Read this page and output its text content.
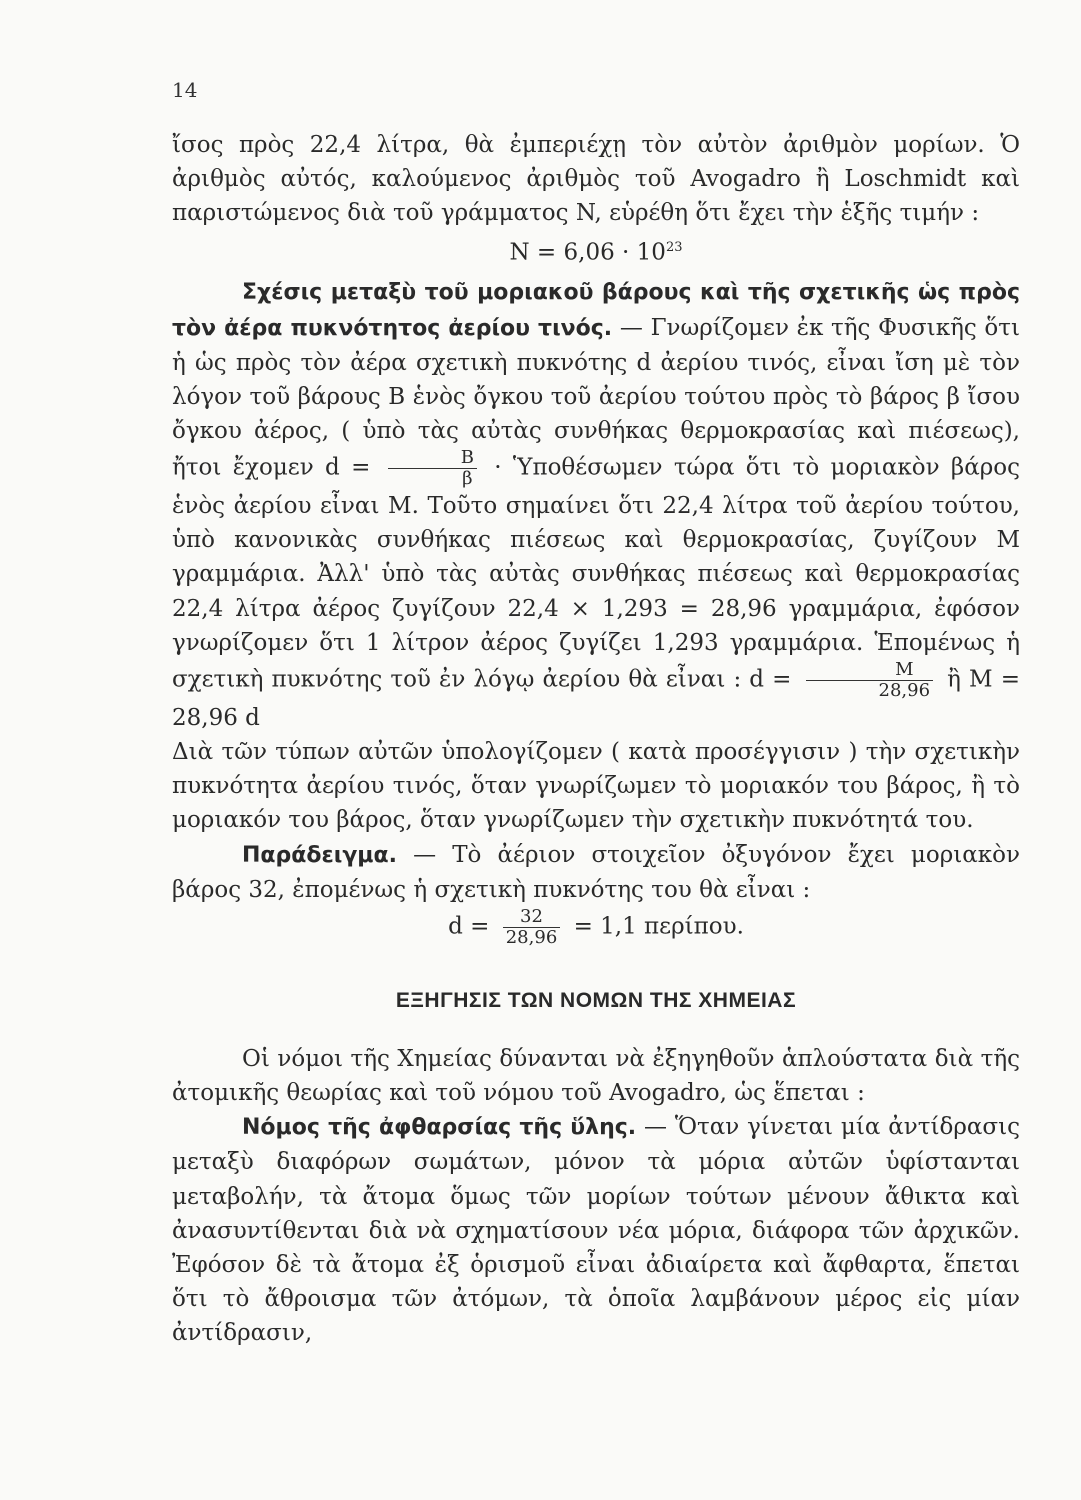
14

ἴσος πρὸς 22,4 λίτρα, θὰ ἐμπεριέχῃ τὸν αὐτὸν ἀριθμὸν μορίων. Ὁ ἀριθμὸς αὐτός, καλούμενος ἀριθμὸς τοῦ Avogadro ἢ Loschmidt καὶ παριστώμενος διὰ τοῦ γράμματος N, εὑρέθη ὅτι ἔχει τὴν ἑξῆς τιμήν :

$N = 6,06 \cdot 10^{23}$

Σχέσις μεταξὺ τοῦ μοριακοῦ βάρους καὶ τῆς σχετικῆς ὡς πρὸς τὸν ἀέρα πυκνότητος ἀερίου τινός. — Γνωρίζομεν ἐκ τῆς Φυσικῆς ὅτι ἡ ὡς πρὸς τὸν ἀέρα σχετικὴ πυκνότης d ἀερίου τινός, εἶναι ἴση μὲ τὸν λόγον τοῦ βάρους B ἑνὸς ὄγκου τοῦ ἀερίου τούτου πρὸς τὸ βάρος β ἴσου ὄγκου ἀέρος, ( ὑπὸ τὰς αὐτὰς συνθήκας θερμοκρασίας καὶ πιέσεως), ἤτοι ἔχομεν $d = \frac{B}{\beta}$ · Ὑποθέσωμεν τώρα ὅτι τὸ μοριακὸν βάρος ἑνὸς ἀερίου εἶναι M. Τοῦτο σημαίνει ὅτι 22,4 λίτρα τοῦ ἀερίου τούτου, ὑπὸ κανονικὰς συνθήκας πιέσεως καὶ θερμοκρασίας, ζυγίζουν M γραμμάρια. Ἀλλ' ὑπὸ τὰς αὐτὰς συνθήκας πιέσεως καὶ θερμοκρασίας 22,4 λίτρα ἀέρος ζυγίζουν 22,4 × 1,293 = 28,96 γραμμάρια, ἐφόσον γνωρίζομεν ὅτι 1 λίτρον ἀέρος ζυγίζει 1,293 γραμμάρια. Ἑπομένως ἡ σχετικὴ πυκνότης τοῦ ἐν λόγῳ ἀερίου θὰ εἶναι : $d = \frac{M}{28,96}$ ἢ M = 28,96 d

Διὰ τῶν τύπων αὐτῶν ὑπολογίζομεν ( κατὰ προσέγγισιν ) τὴν σχετικὴν πυκνότητα ἀερίου τινός, ὅταν γνωρίζωμεν τὸ μοριακόν του βάρος, ἢ τὸ μοριακόν του βάρος, ὅταν γνωρίζωμεν τὴν σχετικὴν πυκνότητά του.

Παράδειγμα. — Τὸ ἀέριον στοιχεῖον ὀξυγόνον ἔχει μοριακὸν βάρος 32, ἐπομένως ἡ σχετικὴ πυκνότης του θὰ εἶναι :

$d = \frac{32}{28,96} = 1,1$ περίπου.

ΕΞΗΓΗΣΙΣ ΤΩΝ ΝΟΜΩΝ ΤΗΣ ΧΗΜΕΙΑΣ

Οἱ νόμοι τῆς Χημείας δύνανται νὰ ἐξηγηθοῦν ἁπλούστατα διὰ τῆς ἀτομικῆς θεωρίας καὶ τοῦ νόμου τοῦ Avogadro, ὡς ἕπεται :

Νόμος τῆς ἀφθαρσίας τῆς ὕλης. — Ὅταν γίνεται μία ἀντίδρασις μεταξὺ διαφόρων σωμάτων, μόνον τὰ μόρια αὐτῶν ὑφίστανται μεταβολήν, τὰ ἄτομα ὅμως τῶν μορίων τούτων μένουν ἄθικτα καὶ ἀνασυντίθενται διὰ νὰ σχηματίσουν νέα μόρια, διάφορα τῶν ἀρχικῶν. Ἐφόσον δὲ τὰ ἄτομα ἐξ ὁρισμοῦ εἶναι ἀδιαίρετα καὶ ἄφθαρτα, ἕπεται ὅτι τὸ ἄθροισμα τῶν ἀτόμων, τὰ ὁποῖα λαμβάνουν μέρος εἰς μίαν ἀντίδρασιν,
